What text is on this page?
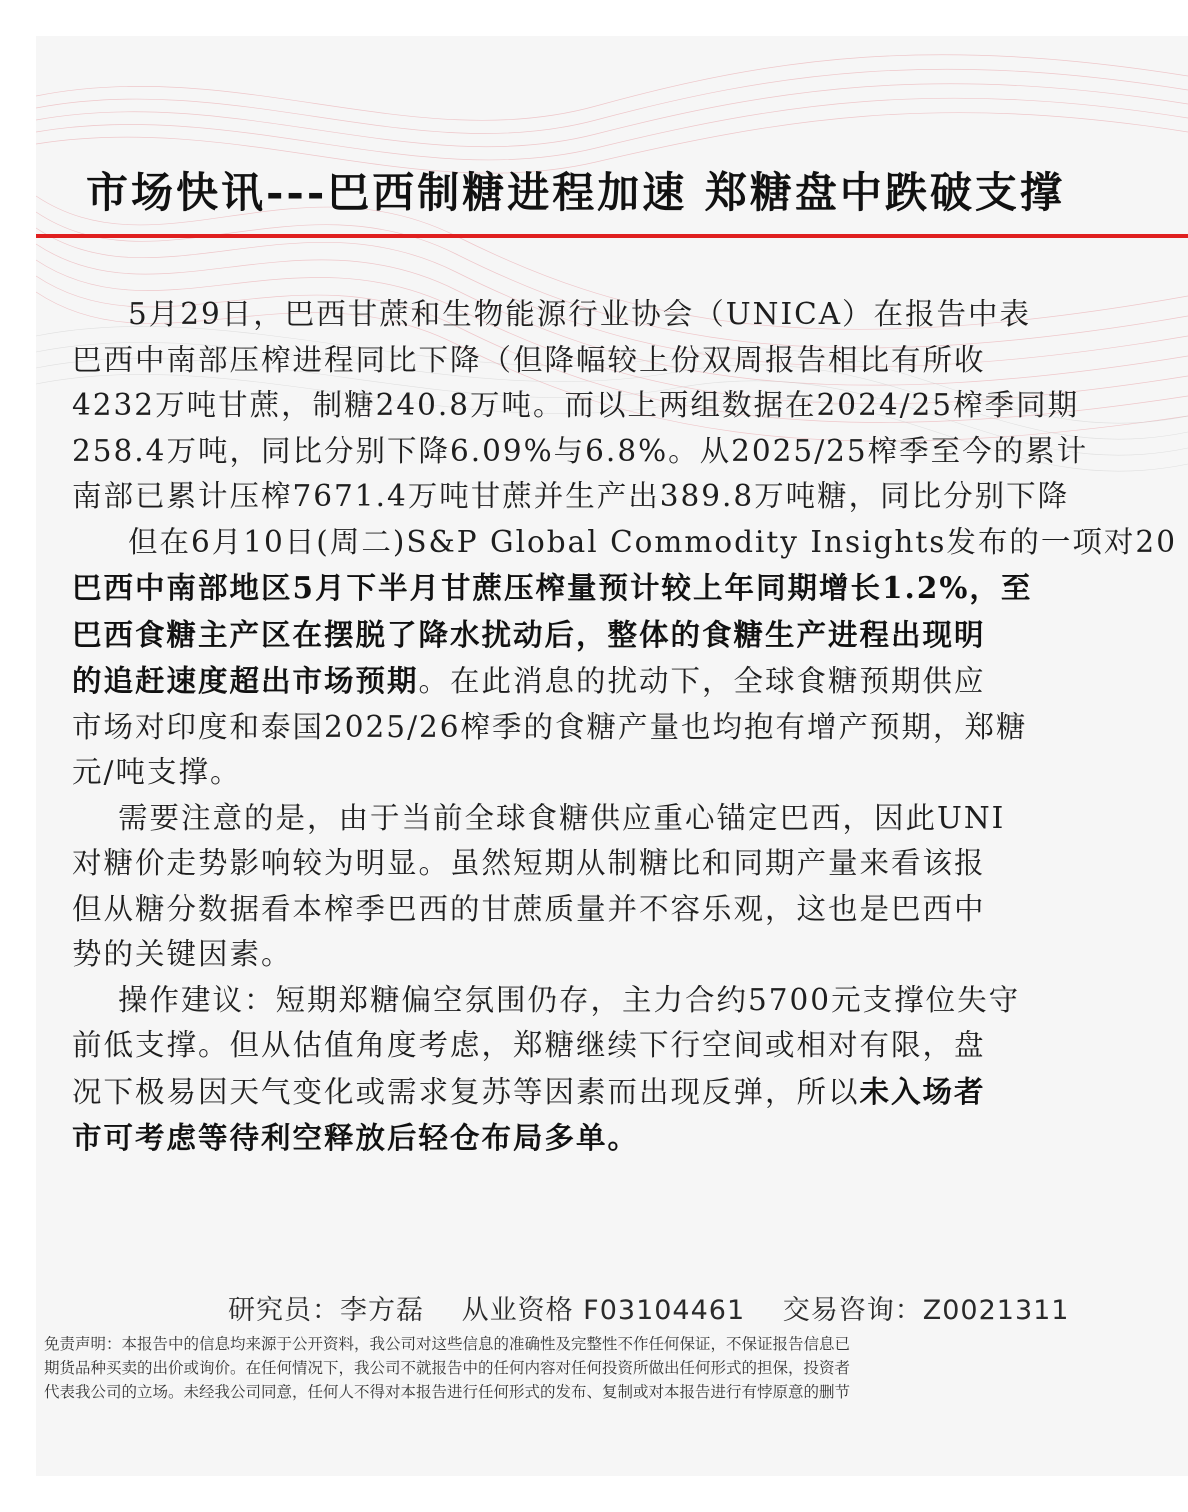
市场快讯---巴西制糖进程加速 郑糖盘中跌破支撑

5月29日，巴西甘蔗和生物能源行业协会（UNICA）在报告中表
巴西中南部压榨进程同比下降（但降幅较上份双周报告相比有所收
4232万吨甘蔗，制糖240.8万吨。而以上两组数据在2024/25榨季同期
258.4万吨，同比分别下降6.09%与6.8%。从2025/25榨季至今的累计
南部已累计压榨7671.4万吨甘蔗并生产出389.8万吨糖，同比分别下降

但在6月10日(周二)S&P Global Commodity Insights发布的一项对20
巴西中南部地区5月下半月甘蔗压榨量预计较上年同期增长1.2%，至
巴西食糖主产区在摆脱了降水扰动后，整体的食糖生产进程出现明
的追赶速度超出市场预期。在此消息的扰动下，全球食糖预期供应
市场对印度和泰国2025/26榨季的食糖产量也均抱有增产预期，郑糖
元/吨支撑。

需要注意的是，由于当前全球食糖供应重心锚定巴西，因此UNI
对糖价走势影响较为明显。虽然短期从制糖比和同期产量来看该报
但从糖分数据看本榨季巴西的甘蔗质量并不容乐观，这也是巴西中
势的关键因素。

操作建议：短期郑糖偏空氛围仍存，主力合约5700元支撑位失守
前低支撑。但从估值角度考虑，郑糖继续下行空间或相对有限，盘
况下极易因天气变化或需求复苏等因素而出现反弹，所以未入场者
市可考虑等待利空释放后轻仓布局多单。

研究员：李方磊 从业资格 F03104461 交易咨询：Z0021311
免责声明：本报告中的信息均来源于公开资料，我公司对这些信息的准确性及完整性不作任何保证，不保证报告信息已
期货品种买卖的出价或询价。在任何情况下，我公司不就报告中的任何内容对任何投资所做出任何形式的担保，投资者
代表我公司的立场。未经我公司同意，任何人不得对本报告进行任何形式的发布、复制或对本报告进行有悖原意的删节
